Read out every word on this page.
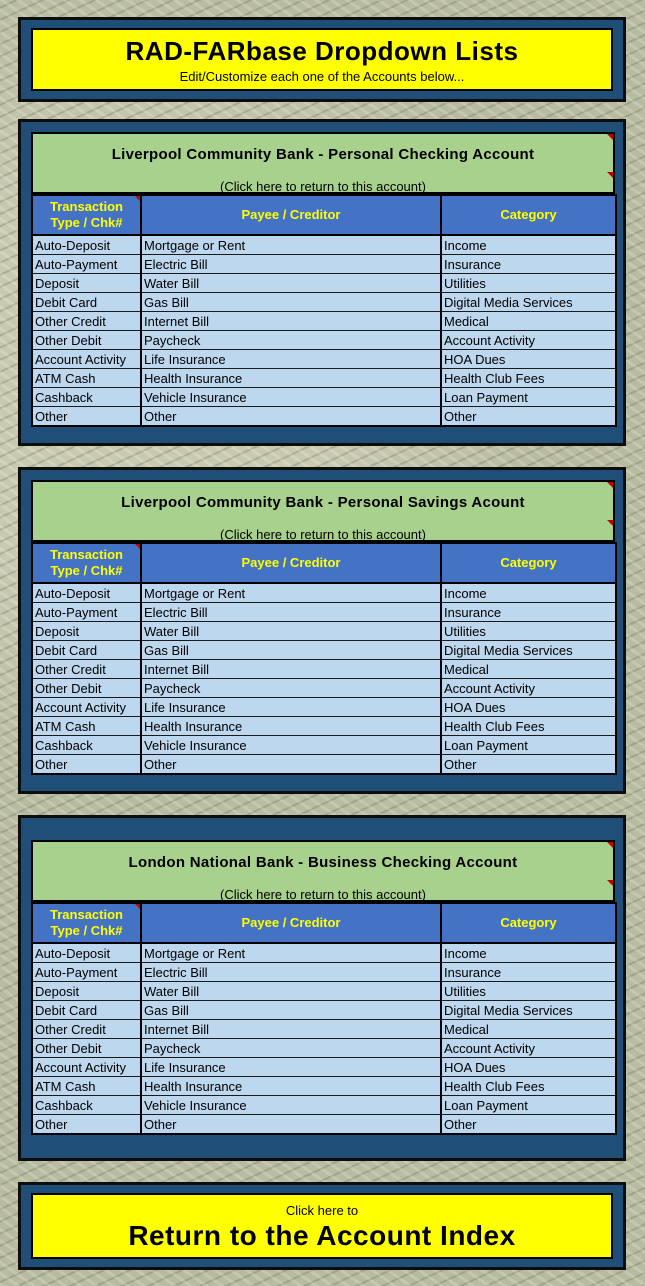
RAD-FARbase Dropdown Lists
Edit/Customize each one of the Accounts below...
Liverpool Community Bank - Personal Checking Account
(Click here to return to this account)
Transaction
Type / Chk#	Payee / Creditor	Category
Auto-Deposit	Mortgage or Rent	Income
Auto-Payment	Electric Bill	Insurance
Deposit	Water Bill	Utilities
Debit Card	Gas Bill	Digital Media Services
Other Credit	Internet Bill	Medical
Other Debit	Paycheck	Account Activity
Account Activity	Life Insurance	HOA Dues
ATM Cash	Health Insurance	Health Club Fees
Cashback	Vehicle Insurance	Loan Payment
Other	Other	Other
Liverpool Community Bank - Personal Savings Acount
(Click here to return to this account)
Transaction
Type / Chk#	Payee / Creditor	Category
Auto-Deposit	Mortgage or Rent	Income
Auto-Payment	Electric Bill	Insurance
Deposit	Water Bill	Utilities
Debit Card	Gas Bill	Digital Media Services
Other Credit	Internet Bill	Medical
Other Debit	Paycheck	Account Activity
Account Activity	Life Insurance	HOA Dues
ATM Cash	Health Insurance	Health Club Fees
Cashback	Vehicle Insurance	Loan Payment
Other	Other	Other
London National Bank - Business Checking Account
(Click here to return to this account)
Transaction
Type / Chk#	Payee / Creditor	Category
Auto-Deposit	Mortgage or Rent	Income
Auto-Payment	Electric Bill	Insurance
Deposit	Water Bill	Utilities
Debit Card	Gas Bill	Digital Media Services
Other Credit	Internet Bill	Medical
Other Debit	Paycheck	Account Activity
Account Activity	Life Insurance	HOA Dues
ATM Cash	Health Insurance	Health Club Fees
Cashback	Vehicle Insurance	Loan Payment
Other	Other	Other
Click here to
Return to the Account Index
